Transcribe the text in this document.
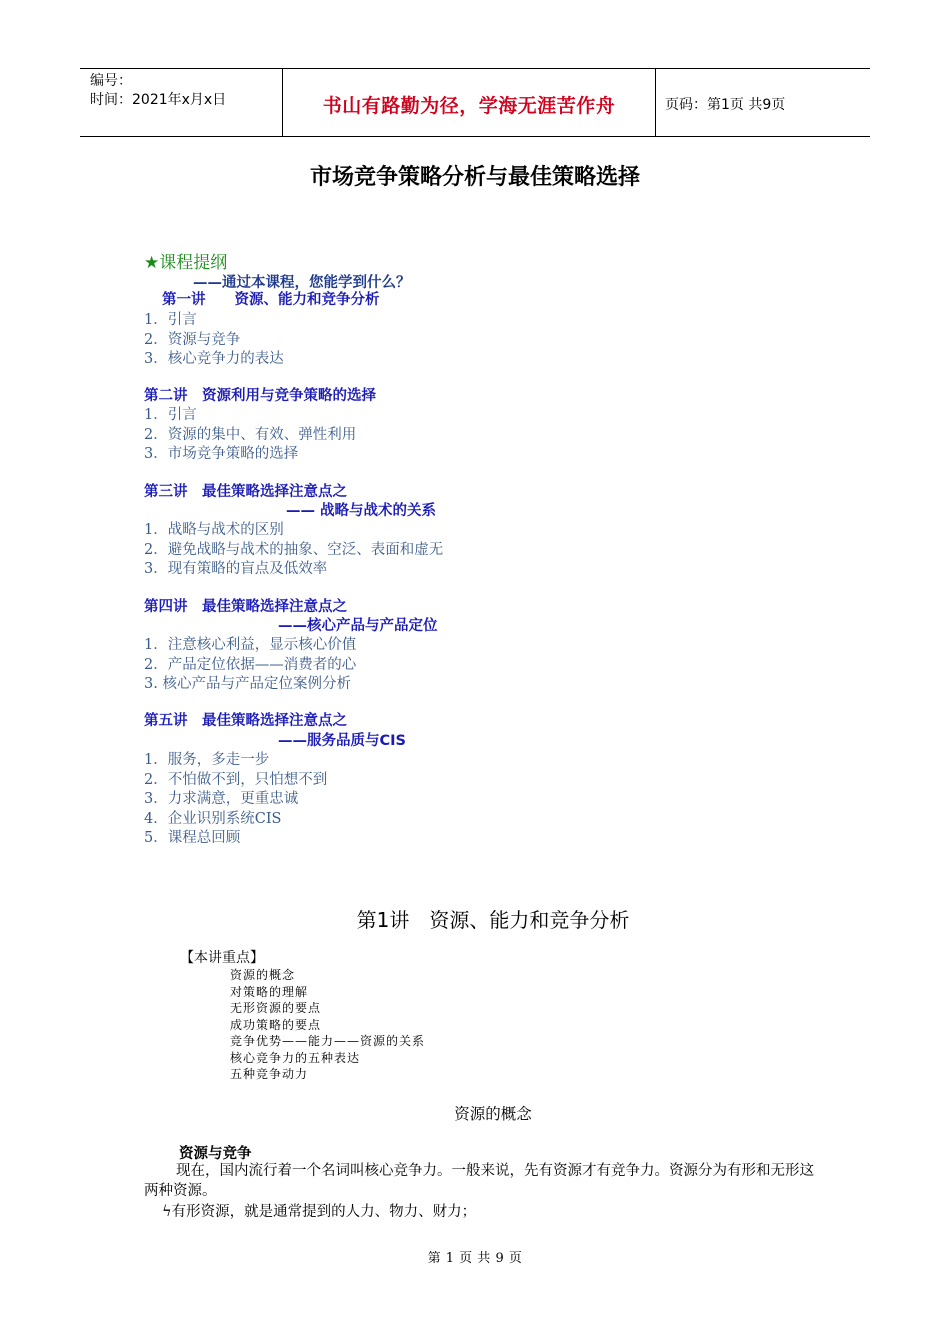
编号：
时间：2021年x月x日	书山有路勤为径，学海无涯苦作舟	页码：第1页 共9页
市场竞争策略分析与最佳策略选择
★课程提纲
——通过本课程，您能学到什么？
第一讲　　资源、能力和竞争分析
1．引言
2．资源与竞争
3．核心竞争力的表达
第二讲　资源利用与竞争策略的选择
1．引言
2．资源的集中、有效、弹性利用
3．市场竞争策略的选择
第三讲　最佳策略选择注意点之
—— 战略与战术的关系
1．战略与战术的区别
2．避免战略与战术的抽象、空泛、表面和虚无
3．现有策略的盲点及低效率
第四讲　最佳策略选择注意点之
——核心产品与产品定位
1．注意核心利益，显示核心价值
2．产品定位依据——消费者的心
3. 核心产品与产品定位案例分析
第五讲　最佳策略选择注意点之
——服务品质与CIS
1．服务，多走一步
2．不怕做不到，只怕想不到
3．力求满意，更重忠诚
4．企业识别系统CIS
5．课程总回顾
第1讲　资源、能力和竞争分析
【本讲重点】
资源的概念
对策略的理解
无形资源的要点
成功策略的要点
竞争优势——能力——资源的关系
核心竞争力的五种表达
五种竞争动力
资源的概念
资源与竞争
现在，国内流行着一个名词叫核心竞争力。一般来说，先有资源才有竞争力。资源分为有形和无形这两种资源。
ϟ有形资源，就是通常提到的人力、物力、财力；
第 1 页 共 9 页
